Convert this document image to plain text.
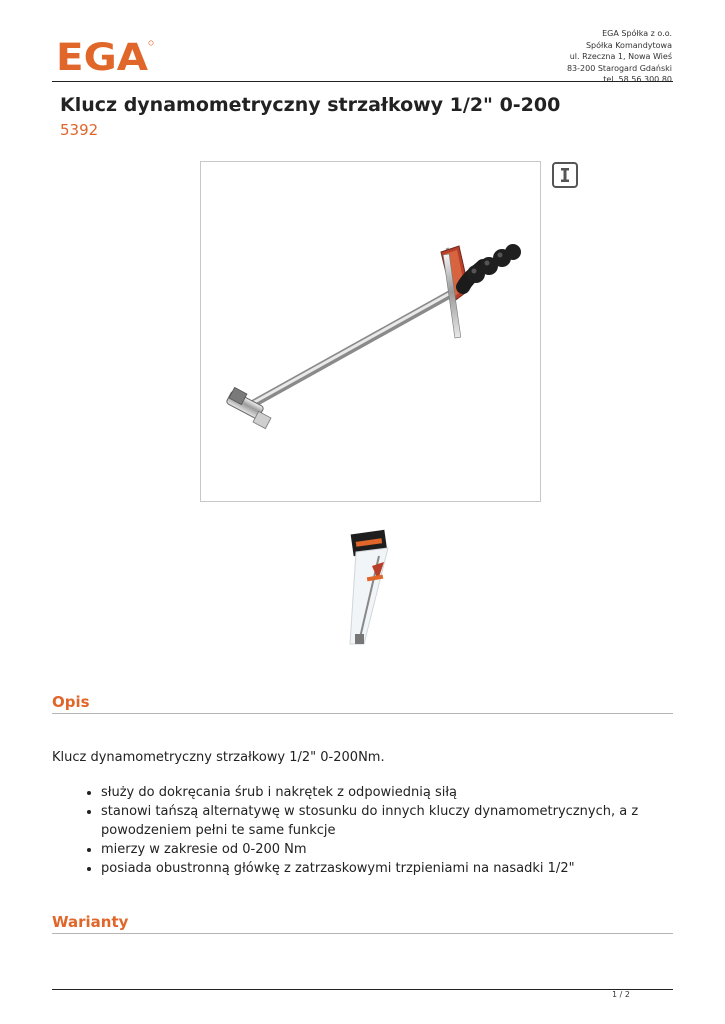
EGA
EGA Spółka z o.o.
Spółka Komandytowa
ul. Rzeczna 1, Nowa Wieś
83-200 Starogard Gdański
tel. 58 56 300 80
Klucz dynamometryczny strzałkowy 1/2" 0-200
5392
Opis

Klucz dynamometryczny strzałkowy 1/2" 0-200Nm.

• służy do dokręcania śrub i nakrętek z odpowiednią siłą
• stanowi tańszą alternatywę w stosunku do innych kluczy dynamometrycznych, a z powodzeniem pełni te same funkcje
• mierzy w zakresie od 0-200 Nm
• posiada obustronną główkę z zatrzaskowymi trzpieniami na nasadki 1/2"
Warianty
1 / 2
